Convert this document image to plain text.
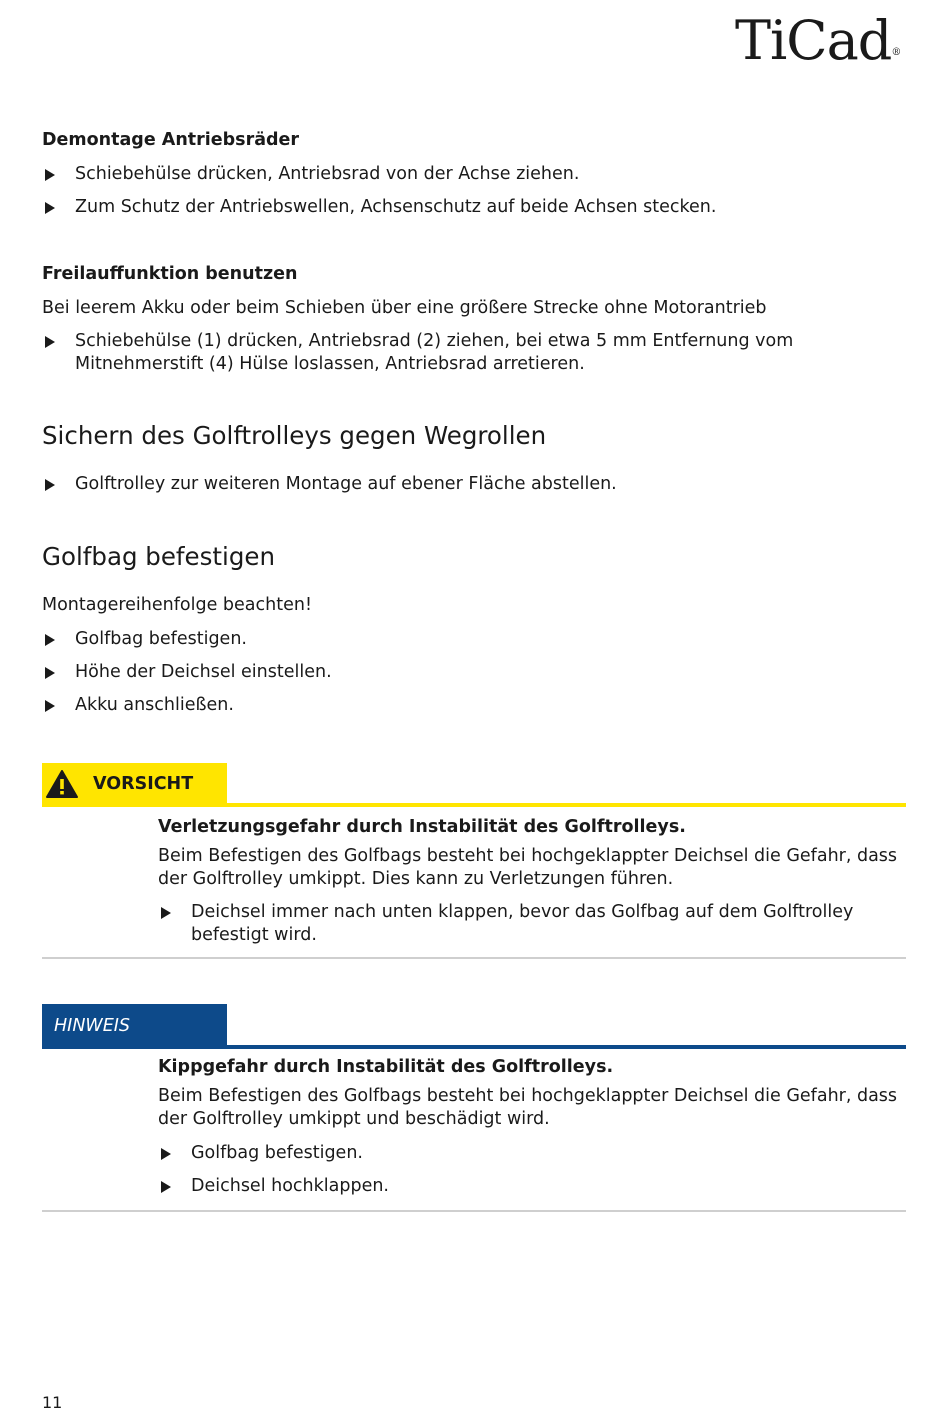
TiCad®

Demontage Antriebsräder

Schiebehülse drücken, Antriebsrad von der Achse ziehen.
Zum Schutz der Antriebswellen, Achsenschutz auf beide Achsen stecken.

Freilauffunktion benutzen

Bei leerem Akku oder beim Schieben über eine größere Strecke ohne Motorantrieb

Schiebehülse (1) drücken, Antriebsrad (2) ziehen, bei etwa 5 mm Entfernung vom Mitnehmerstift (4) Hülse loslassen, Antriebsrad arretieren.

Sichern des Golftrolleys gegen Wegrollen

Golftrolley zur weiteren Montage auf ebener Fläche abstellen.

Golfbag befestigen

Montagereihenfolge beachten!

Golfbag befestigen.
Höhe der Deichsel einstellen.
Akku anschließen.
VORSICHT

Verletzungsgefahr durch Instabilität des Golftrolleys.

Beim Befestigen des Golfbags besteht bei hochgeklappter Deichsel die Gefahr, dass der Golftrolley umkippt. Dies kann zu Verletzungen führen.

Deichsel immer nach unten klappen, bevor das Golfbag auf dem Golftrolley befestigt wird.
HINWEIS

Kippgefahr durch Instabilität des Golftrolleys.

Beim Befestigen des Golfbags besteht bei hochgeklappter Deichsel die Gefahr, dass der Golftrolley umkippt und beschädigt wird.

Golfbag befestigen.
Deichsel hochklappen.
11
